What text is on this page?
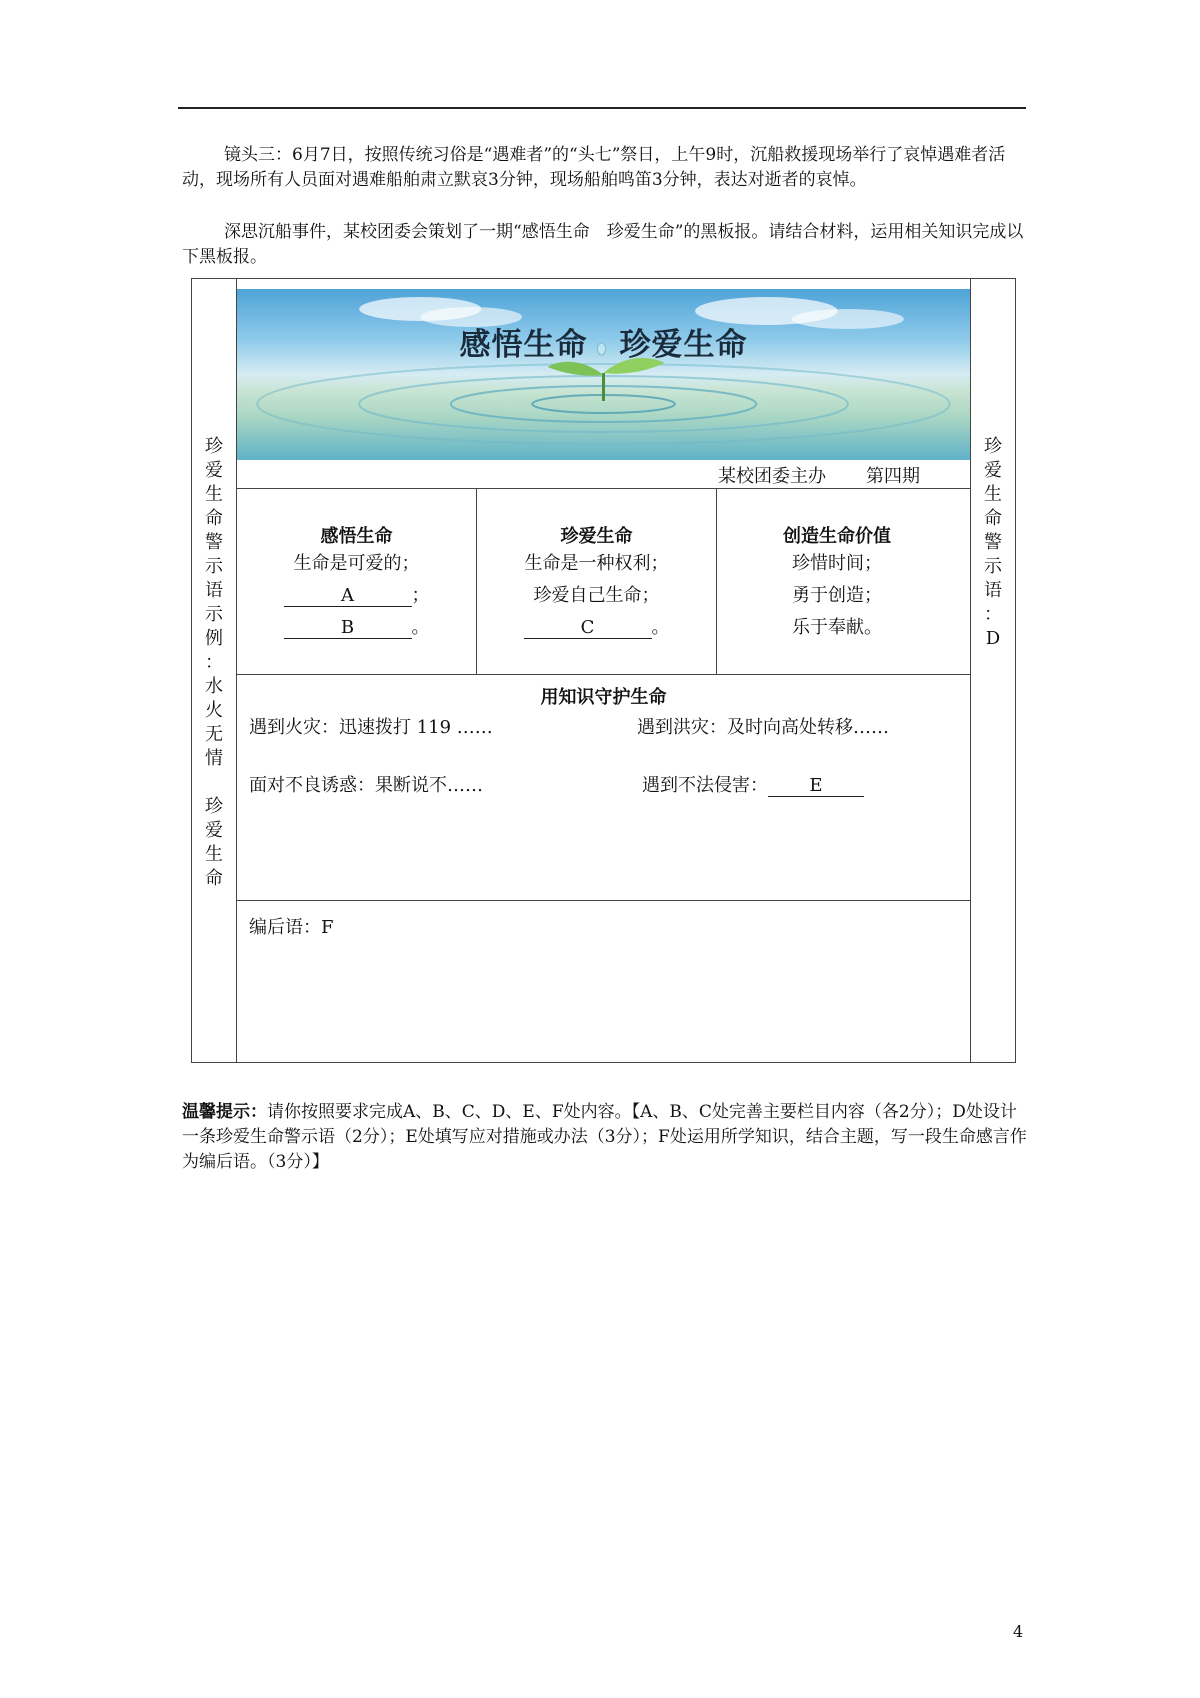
镜头三：6月7日，按照传统习俗是“遇难者”的“头七”祭日，上午9时，沉船救援现场举行了哀悼遇难者活动，现场所有人员面对遇难船舶肃立默哀3分钟，现场船舶鸣笛3分钟，表达对逝者的哀悼。

深思沉船事件，某校团委会策划了一期“感悟生命　珍爱生命”的黑板报。请结合材料，运用相关知识完成以下黑板报。

珍
爱
生
命
警
示
语
示
例
：
水
火
无
情

珍
爱
生
命
珍
爱
生
命
警
示
语
：
D
感悟生命　珍爱生命
某校团委主办 第四期
感悟生命
生命是可爱的；
A	；
B	。
珍爱生命
生命是一种权利；
珍爱自己生命；
C	。
创造生命价值
珍惜时间；
勇于创造；
乐于奉献。
用知识守护生命
遇到火灾：迅速拨打 119 ……	遇到洪灾：及时向高处转移……
面对不良诱惑：果断说不……	遇到不法侵害： E
编后语：F

温馨提示：请你按照要求完成A、B、C、D、E、F处内容。【A、B、C处完善主要栏目内容（各2分）；D处设计一条珍爱生命警示语（2分）；E处填写应对措施或办法（3分）；F处运用所学知识，结合主题，写一段生命感言作为编后语。（3分）】

4
